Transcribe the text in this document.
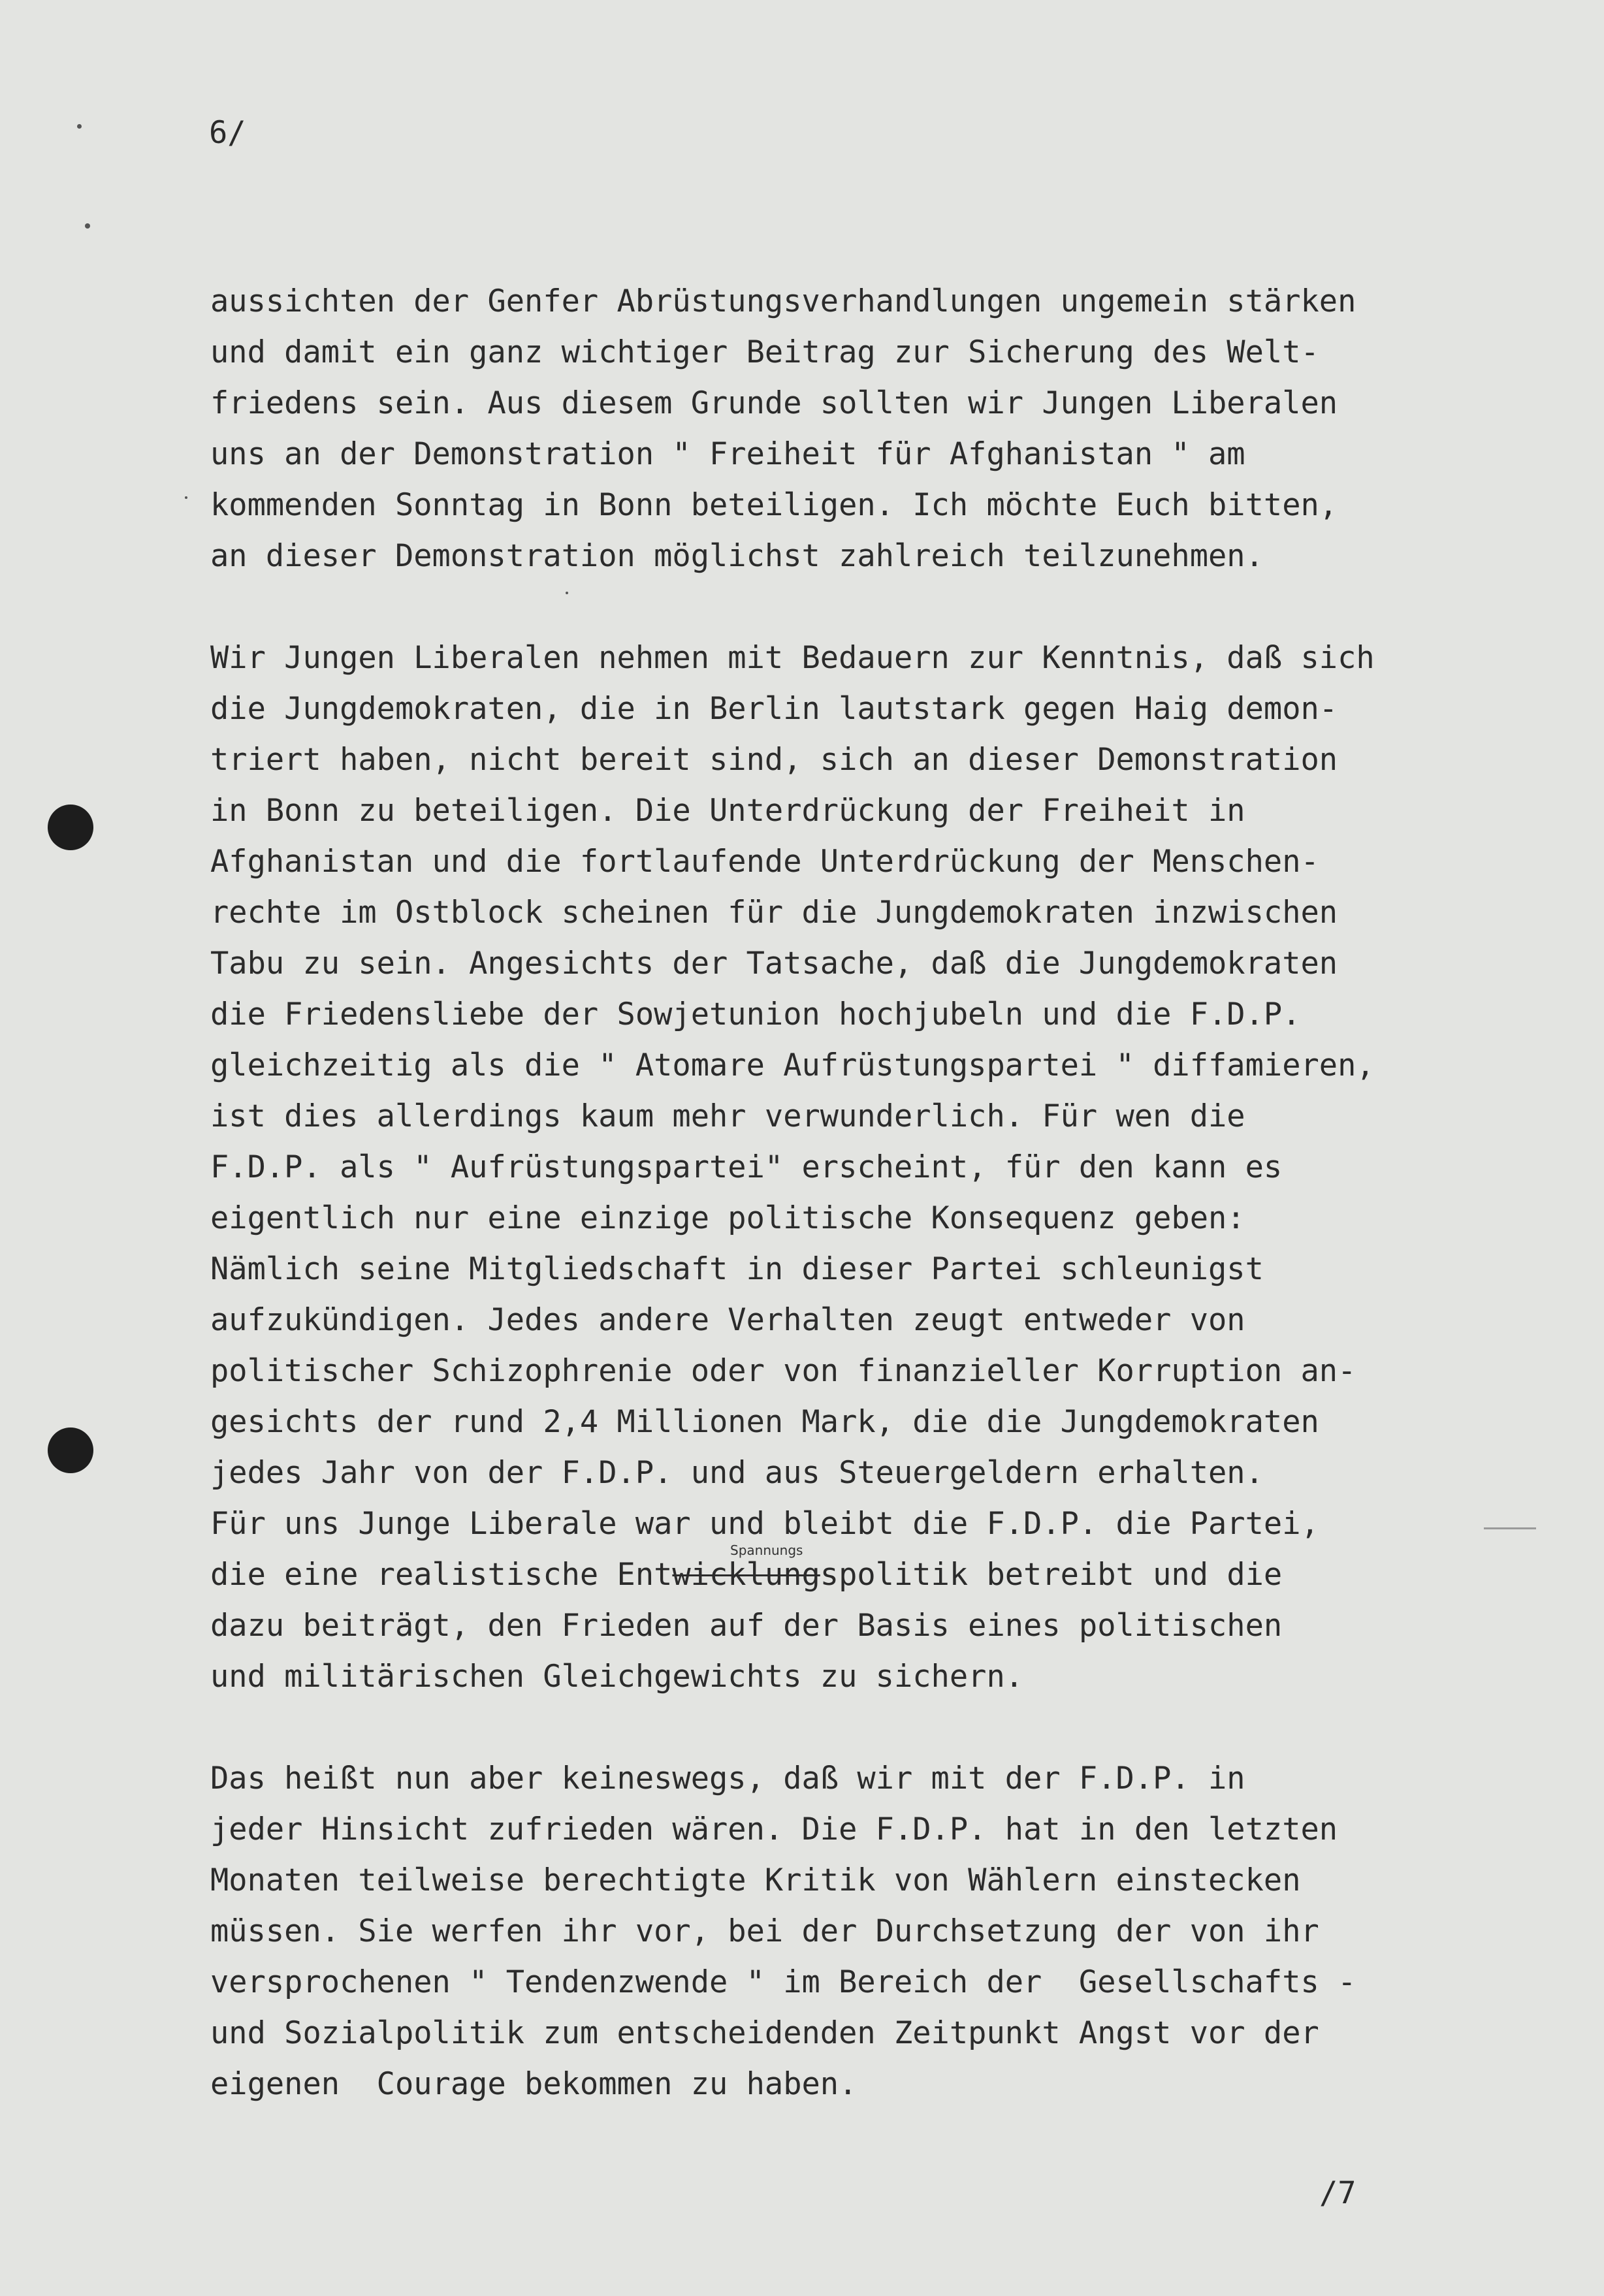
6/
aussichten der Genfer Abrüstungsverhandlungen ungemein stärken
und damit ein ganz wichtiger Beitrag zur Sicherung des Welt-
friedens sein. Aus diesem Grunde sollten wir Jungen Liberalen
uns an der Demonstration " Freiheit für Afghanistan " am
kommenden Sonntag in Bonn beteiligen. Ich möchte Euch bitten,
an dieser Demonstration möglichst zahlreich teilzunehmen.
Wir Jungen Liberalen nehmen mit Bedauern zur Kenntnis, daß sich
die Jungdemokraten, die in Berlin lautstark gegen Haig demon-
triert haben, nicht bereit sind, sich an dieser Demonstration
in Bonn zu beteiligen. Die Unterdrückung der Freiheit in
Afghanistan und die fortlaufende Unterdrückung der Menschen-
rechte im Ostblock scheinen für die Jungdemokraten inzwischen
Tabu zu sein. Angesichts der Tatsache, daß die Jungdemokraten
die Friedensliebe der Sowjetunion hochjubeln und die F.D.P.
gleichzeitig als die " Atomare Aufrüstungspartei " diffamieren,
ist dies allerdings kaum mehr verwunderlich. Für wen die
F.D.P. als " Aufrüstungspartei" erscheint, für den kann es
eigentlich nur eine einzige politische Konsequenz geben:
Nämlich seine Mitgliedschaft in dieser Partei schleunigst
aufzukündigen. Jedes andere Verhalten zeugt entweder von
politischer Schizophrenie oder von finanzieller Korruption an-
gesichts der rund 2,4 Millionen Mark, die die Jungdemokraten
jedes Jahr von der F.D.P. und aus Steuergeldern erhalten.
Für uns Junge Liberale war und bleibt die F.D.P. die Partei,
Spannungs
die eine realistische Entwicklungspolitik betreibt und die
dazu beiträgt, den Frieden auf der Basis eines politischen
und militärischen Gleichgewichts zu sichern.
Das heißt nun aber keineswegs, daß wir mit der F.D.P. in
jeder Hinsicht zufrieden wären. Die F.D.P. hat in den letzten
Monaten teilweise berechtigte Kritik von Wählern einstecken
müssen. Sie werfen ihr vor, bei der Durchsetzung der von ihr
versprochenen " Tendenzwende " im Bereich der  Gesellschafts -
und Sozialpolitik zum entscheidenden Zeitpunkt Angst vor der
eigenen  Courage bekommen zu haben.
/7
